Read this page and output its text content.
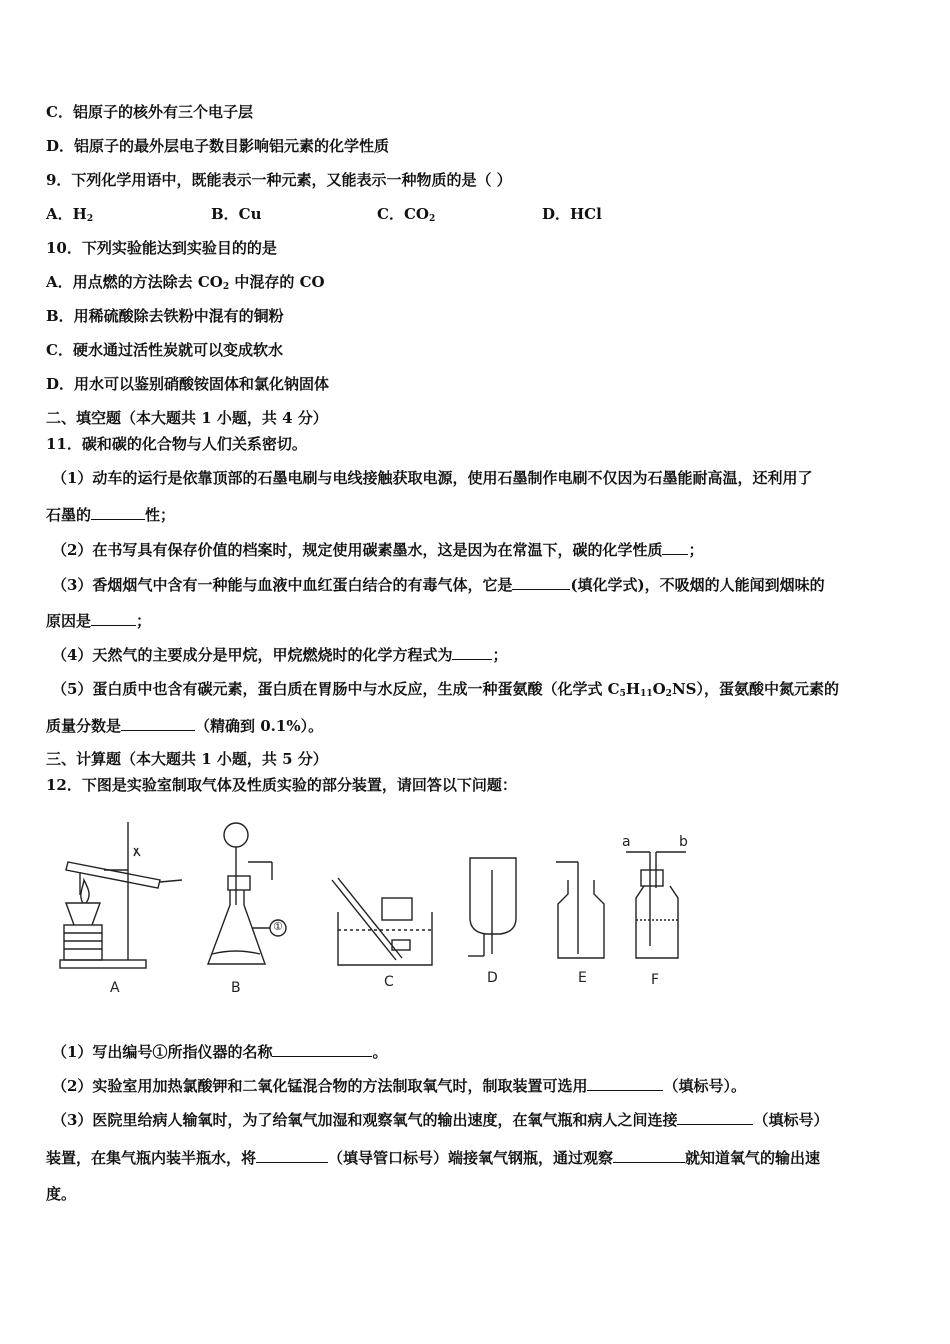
C．铝原子的核外有三个电子层
D．铝原子的最外层电子数目影响铝元素的化学性质
9．下列化学用语中，既能表示一种元素，又能表示一种物质的是（ ）
A．$H_2$	B．Cu	C．$CO_2$	D．HCl
10．下列实验能达到实验目的的是
A．用点燃的方法除去 $CO_2$ 中混存的 CO
B．用稀硫酸除去铁粉中混有的铜粉
C．硬水通过活性炭就可以变成软水
D．用水可以鉴别硝酸铵固体和氯化钠固体
二、填空题（本大题共 1 小题，共 4 分）
11．碳和碳的化合物与人们关系密切。
（1）动车的运行是依靠顶部的石墨电刷与电线接触获取电源，使用石墨制作电刷不仅因为石墨能耐高温，还利用了
石墨的	性；
（2）在书写具有保存价值的档案时，规定使用碳素墨水，这是因为在常温下，碳的化学性质 ；
（3）香烟烟气中含有一种能与血液中血红蛋白结合的有毒气体，它是	(填化学式)，不吸烟的人能闻到烟味的
原因是	；
（4）天然气的主要成分是甲烷，甲烷燃烧时的化学方程式为	；
（5）蛋白质中也含有碳元素，蛋白质在胃肠中与水反应，生成一种蛋氨酸（化学式 $C_5H_{11}O_2NS$），蛋氨酸中氮元素的
质量分数是	（精确到 0.1%）。
三、计算题（本大题共 1 小题，共 5 分）
12．下图是实验室制取气体及性质实验的部分装置，请回答以下问题：
A	B	C	D	E	F
①
a	b
（1）写出编号①所指仪器的名称	。
（2）实验室用加热氯酸钾和二氧化锰混合物的方法制取氧气时，制取装置可选用	（填标号）。
（3）医院里给病人输氧时，为了给氧气加湿和观察氧气的输出速度，在氧气瓶和病人之间连接	（填标号）
装置，在集气瓶内装半瓶水，将	（填导管口标号）端接氧气钢瓶，通过观察	就知道氧气的输出速
度。
